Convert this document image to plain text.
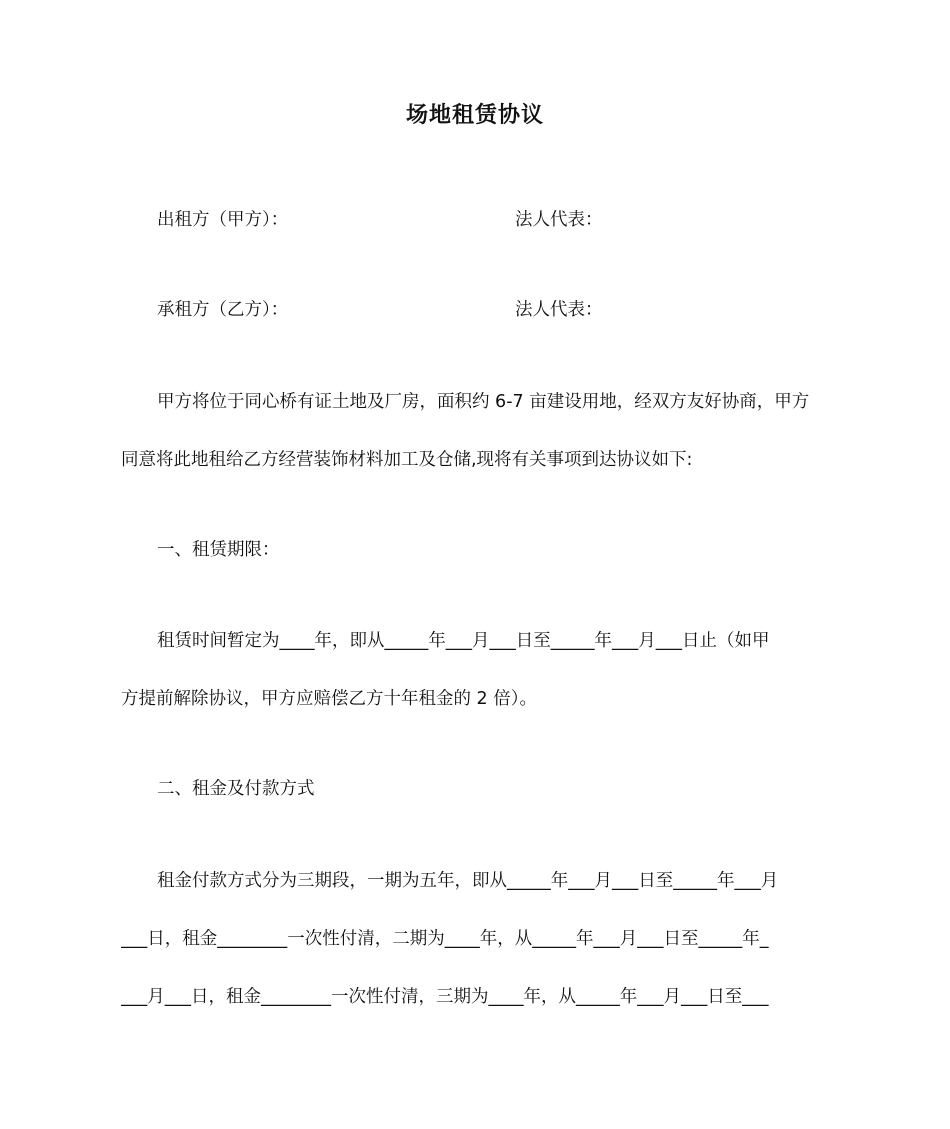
场地租赁协议
出租方（甲方）：	法人代表：
承租方（乙方）：	法人代表：
甲方将位于同心桥有证土地及厂房，面积约 6-7 亩建设用地，经双方友好协商，甲方
同意将此地租给乙方经营装饰材料加工及仓储,现将有关事项到达协议如下:
一、租赁期限：
租赁时间暂定为____年，即从_____年___月___日至_____年___月___日止（如甲
方提前解除协议，甲方应赔偿乙方十年租金的 2 倍）。
二、租金及付款方式
租金付款方式分为三期段，一期为五年，即从_____年___月___日至_____年___月
___日，租金________一次性付清，二期为____年，从_____年___月___日至_____年_
___月___日，租金________一次性付清，三期为____年，从_____年___月___日至___
